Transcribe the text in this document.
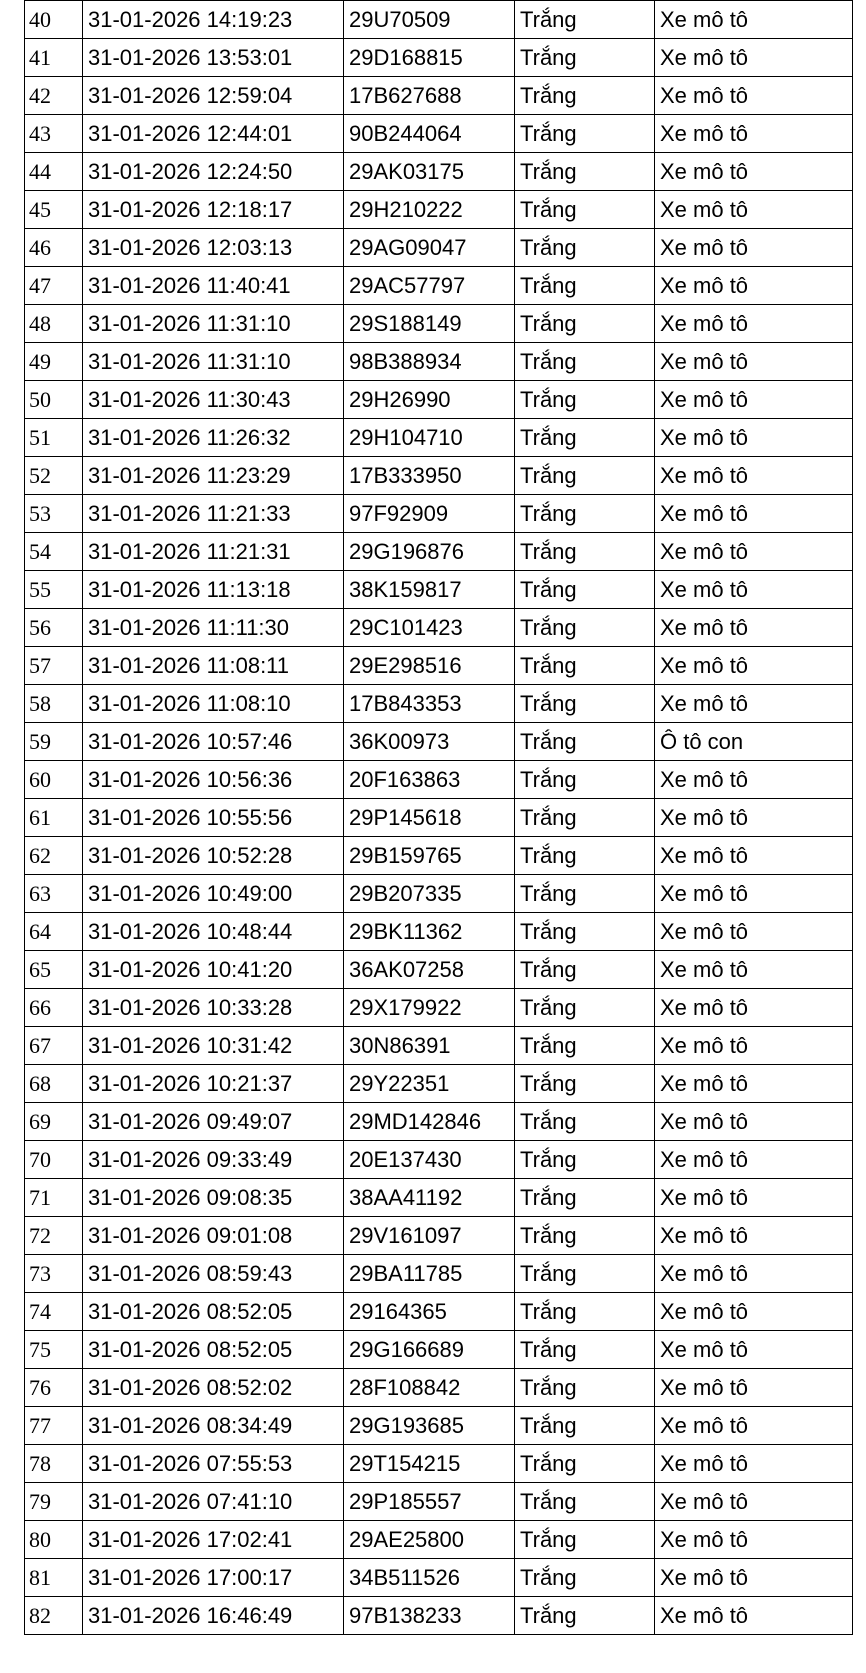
40	31-01-2026 14:19:23	29U70509	Trắng	Xe mô tô
41	31-01-2026 13:53:01	29D168815	Trắng	Xe mô tô
42	31-01-2026 12:59:04	17B627688	Trắng	Xe mô tô
43	31-01-2026 12:44:01	90B244064	Trắng	Xe mô tô
44	31-01-2026 12:24:50	29AK03175	Trắng	Xe mô tô
45	31-01-2026 12:18:17	29H210222	Trắng	Xe mô tô
46	31-01-2026 12:03:13	29AG09047	Trắng	Xe mô tô
47	31-01-2026 11:40:41	29AC57797	Trắng	Xe mô tô
48	31-01-2026 11:31:10	29S188149	Trắng	Xe mô tô
49	31-01-2026 11:31:10	98B388934	Trắng	Xe mô tô
50	31-01-2026 11:30:43	29H26990	Trắng	Xe mô tô
51	31-01-2026 11:26:32	29H104710	Trắng	Xe mô tô
52	31-01-2026 11:23:29	17B333950	Trắng	Xe mô tô
53	31-01-2026 11:21:33	97F92909	Trắng	Xe mô tô
54	31-01-2026 11:21:31	29G196876	Trắng	Xe mô tô
55	31-01-2026 11:13:18	38K159817	Trắng	Xe mô tô
56	31-01-2026 11:11:30	29C101423	Trắng	Xe mô tô
57	31-01-2026 11:08:11	29E298516	Trắng	Xe mô tô
58	31-01-2026 11:08:10	17B843353	Trắng	Xe mô tô
59	31-01-2026 10:57:46	36K00973	Trắng	Ô tô con
60	31-01-2026 10:56:36	20F163863	Trắng	Xe mô tô
61	31-01-2026 10:55:56	29P145618	Trắng	Xe mô tô
62	31-01-2026 10:52:28	29B159765	Trắng	Xe mô tô
63	31-01-2026 10:49:00	29B207335	Trắng	Xe mô tô
64	31-01-2026 10:48:44	29BK11362	Trắng	Xe mô tô
65	31-01-2026 10:41:20	36AK07258	Trắng	Xe mô tô
66	31-01-2026 10:33:28	29X179922	Trắng	Xe mô tô
67	31-01-2026 10:31:42	30N86391	Trắng	Xe mô tô
68	31-01-2026 10:21:37	29Y22351	Trắng	Xe mô tô
69	31-01-2026 09:49:07	29MD142846	Trắng	Xe mô tô
70	31-01-2026 09:33:49	20E137430	Trắng	Xe mô tô
71	31-01-2026 09:08:35	38AA41192	Trắng	Xe mô tô
72	31-01-2026 09:01:08	29V161097	Trắng	Xe mô tô
73	31-01-2026 08:59:43	29BA11785	Trắng	Xe mô tô
74	31-01-2026 08:52:05	29164365	Trắng	Xe mô tô
75	31-01-2026 08:52:05	29G166689	Trắng	Xe mô tô
76	31-01-2026 08:52:02	28F108842	Trắng	Xe mô tô
77	31-01-2026 08:34:49	29G193685	Trắng	Xe mô tô
78	31-01-2026 07:55:53	29T154215	Trắng	Xe mô tô
79	31-01-2026 07:41:10	29P185557	Trắng	Xe mô tô
80	31-01-2026 17:02:41	29AE25800	Trắng	Xe mô tô
81	31-01-2026 17:00:17	34B511526	Trắng	Xe mô tô
82	31-01-2026 16:46:49	97B138233	Trắng	Xe mô tô
